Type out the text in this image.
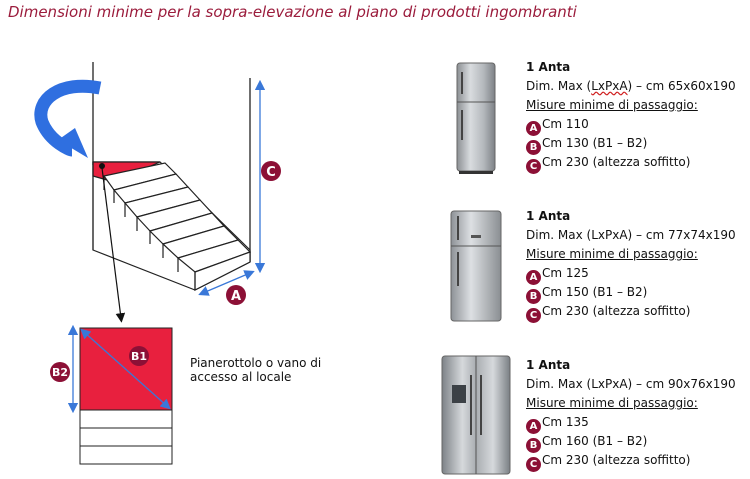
Dimensioni minime per la sopra-elevazione al piano di prodotti ingombranti
C
A
B1
B2
Pianerottolo o vano di
accesso al locale
1 Anta
Dim. Max (LxPxA) – cm 65x60x190
Misure minime di passaggio:
A Cm 110
B Cm 130 (B1 – B2)
C Cm 230 (altezza soffitto)
1 Anta
Dim. Max (LxPxA) – cm 77x74x190
Misure minime di passaggio:
A Cm 125
B Cm 150 (B1 – B2)
C Cm 230 (altezza soffitto)
1 Anta
Dim. Max (LxPxA) – cm 90x76x190
Misure minime di passaggio:
A Cm 135
B Cm 160 (B1 – B2)
C Cm 230 (altezza soffitto)
